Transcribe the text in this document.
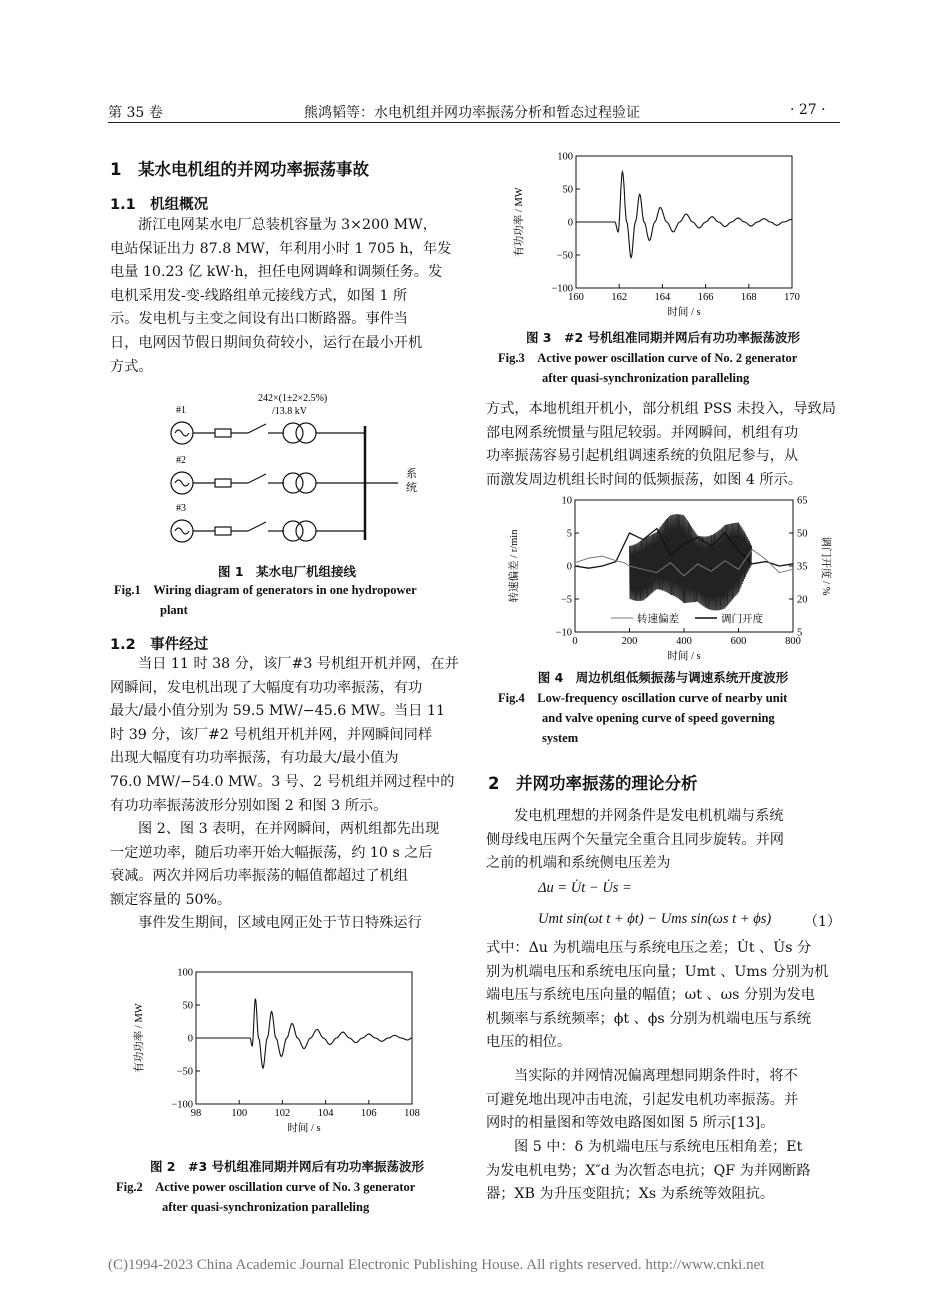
第 35 卷	熊鸿韬等：水电机组并网功率振荡分析和暂态过程验证	· 27 ·
1　某水电机组的并网功率振荡事故
1.1　机组概况

浙江电网某水电厂总装机容量为 3×200 MW，
电站保证出力 87.8 MW，年利用小时 1 705 h，年发
电量 10.23 亿 kW·h，担任电网调峰和调频任务。发
电机采用发-变-线路组单元接线方式，如图 1 所
示。发电机与主变之间设有出口断路器。事件当
日，电网因节假日期间负荷较小，运行在最小开机
方式。

242×(1±2×2.5%)
/13.8 kV
#1
#2
#3
系统
图 1　某水电厂机组接线
Fig.1　Wiring diagram of generators in one hydropower
plant
1.2　事件经过

当日 11 时 38 分，该厂#3 号机组开机并网，在并
网瞬间，发电机出现了大幅度有功功率振荡，有功
最大/最小值分别为 59.5 MW/−45.6 MW。当日 11
时 39 分，该厂#2 号机组开机并网，并网瞬间同样
出现大幅度有功功率振荡，有功最大/最小值为
76.0 MW/−54.0 MW。3 号、2 号机组并网过程中的
有功功率振荡波形分别如图 2 和图 3 所示。

图 2、图 3 表明，在并网瞬间，两机组都先出现
一定逆功率，随后功率开始大幅振荡，约 10 s 之后
衰减。两次并网后功率振荡的幅值都超过了机组
额定容量的 50%。

事件发生期间，区域电网正处于节日特殊运行

98	100	102	104	106	108
100
50
0
−50
−100
时间 / s
有功功率 / MW
图 2　#3 号机组准同期并网后有功功率振荡波形
Fig.2　Active power oscillation curve of No. 3 generator
after quasi-synchronization paralleling
160	162	164	166	168	170
100
50
0
−50
−100
时间 / s
有功功率 / MW
图 3　#2 号机组准同期并网后有功功率振荡波形
Fig.3　Active power oscillation curve of No. 2 generator
after quasi-synchronization paralleling

方式，本地机组开机小，部分机组 PSS 未投入，导致局
部电网系统惯量与阻尼较弱。并网瞬间，机组有功
功率振荡容易引起机组调速系统的负阻尼参与，从
而激发周边机组长时间的低频振荡，如图 4 所示。

0	200	400	600	800
10
5
0
−5
−10
时间 / s
转速偏差 / r/min
65
50
35
20
5
调门开度 / %
转速偏差	调门开度
图 4　周边机组低频振荡与调速系统开度波形
Fig.4　Low-frequency oscillation curve of nearby unit
and valve opening curve of speed governing
system
2　并网功率振荡的理论分析

发电机理想的并网条件是发电机机端与系统
侧母线电压两个矢量完全重合且同步旋转。并网
之前的机端和系统侧电压差为

Δu = U̇t − U̇s =
Umt sin(ωt t + ϕt) − Ums sin(ωs t + ϕs) （1）

式中：Δu 为机端电压与系统电压之差；U̇t 、U̇s 分
别为机端电压和系统电压向量；Umt 、Ums 分别为机
端电压与系统电压向量的幅值；ωt 、ωs 分别为发电
机频率与系统频率；ϕt 、ϕs 分别为机端电压与系统
电压的相位。

当实际的并网情况偏离理想同期条件时，将不
可避免地出现冲击电流，引起发电机功率振荡。并
网时的相量图和等效电路图如图 5 所示[13]。

图 5 中：δ 为机端电压与系统电压相角差；Et
为发电机电势；X″d 为次暂态电抗；QF 为并网断路
器；XB 为升压变阻抗；Xs 为系统等效阻抗。

(C)1994-2023 China Academic Journal Electronic Publishing House. All rights reserved. http://www.cnki.net
